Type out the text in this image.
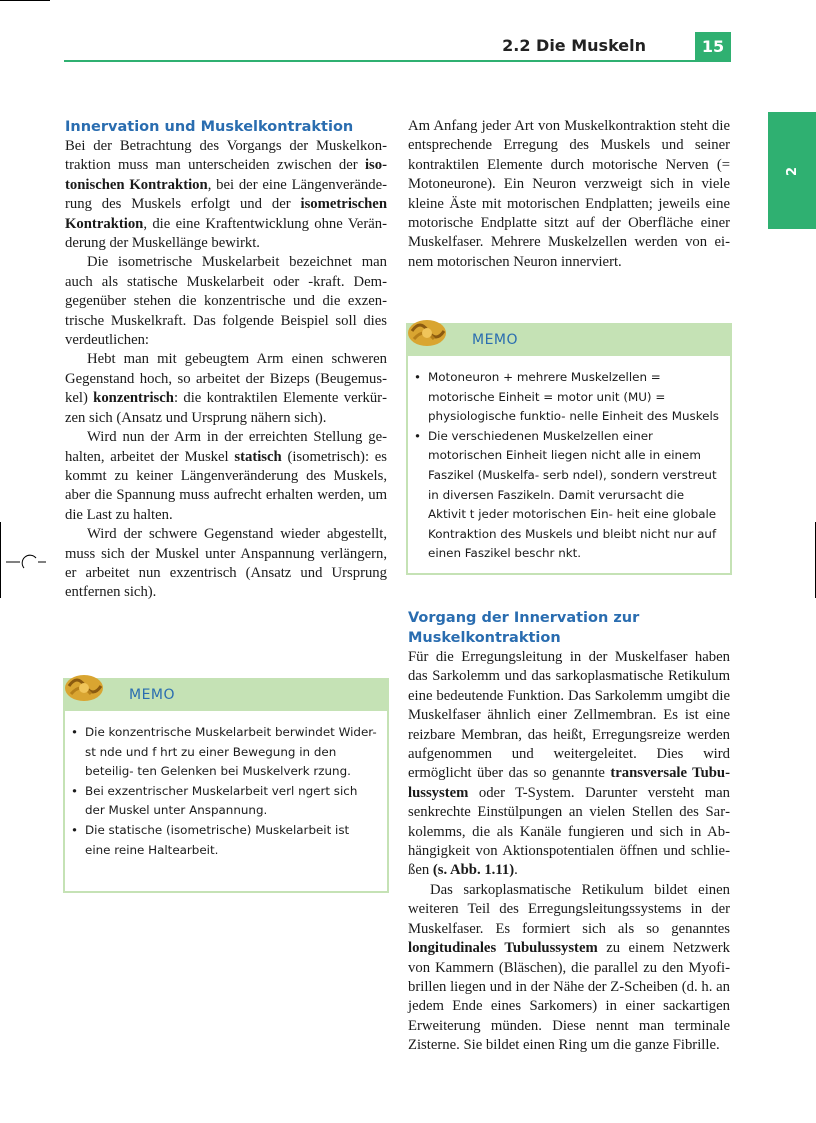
2.2 Die Muskeln	15
2
Innervation und Muskelkontraktion

Bei der Betrachtung des Vorgangs der Muskelkontraktion muss man unterscheiden zwischen der isotonischen Kontraktion, bei der eine Längenveränderung des Muskels erfolgt und der isometrischen Kontraktion, die eine Kraftentwicklung ohne Veränderung der Muskellänge bewirkt.

Die isometrische Muskelarbeit bezeichnet man auch als statische Muskelarbeit oder -kraft. Demgegenüber stehen die konzentrische und die exzentrische Muskelkraft. Das folgende Beispiel soll dies verdeutlichen:

Hebt man mit gebeugtem Arm einen schweren Gegenstand hoch, so arbeitet der Bizeps (Beugemuskel) konzentrisch: die kontraktilen Elemente verkürzen sich (Ansatz und Ursprung nähern sich).

Wird nun der Arm in der erreichten Stellung gehalten, arbeitet der Muskel statisch (isometrisch): es kommt zu keiner Längenveränderung des Muskels, aber die Spannung muss aufrecht erhalten werden, um die Last zu halten.

Wird der schwere Gegenstand wieder abgestellt, muss sich der Muskel unter Anspannung verlängern, er arbeitet nun exzentrisch (Ansatz und Ursprung entfernen sich).

MEMO
• Die konzentrische Muskelarbeit berwindet Wider- st nde und f hrt zu einer Bewegung in den beteilig- ten Gelenken bei Muskelverk rzung.
• Bei exzentrischer Muskelarbeit verl ngert sich der Muskel unter Anspannung.
• Die statische (isometrische) Muskelarbeit ist eine reine Haltearbeit.

Am Anfang jeder Art von Muskelkontraktion steht die entsprechende Erregung des Muskels und seiner kontraktilen Elemente durch motorische Nerven (= Motoneurone). Ein Neuron verzweigt sich in viele kleine Äste mit motorischen Endplatten; jeweils eine motorische Endplatte sitzt auf der Oberfläche einer Muskelfaser. Mehrere Muskelzellen werden von einem motorischen Neuron innerviert.

MEMO
• Motoneuron + mehrere Muskelzellen = motorische Einheit = motor unit (MU) = physiologische funktio- nelle Einheit des Muskels
• Die verschiedenen Muskelzellen einer motorischen Einheit liegen nicht alle in einem Faszikel (Muskelfa- serb ndel), sondern verstreut in diversen Faszikeln. Damit verursacht die Aktivit t jeder motorischen Ein- heit eine globale Kontraktion des Muskels und bleibt nicht nur auf einen Faszikel beschr nkt.
Vorgang der Innervation zur Muskelkontraktion

Für die Erregungsleitung in der Muskelfaser haben das Sarkolemm und das sarkoplasmatische Retikulum eine bedeutende Funktion. Das Sarkolemm umgibt die Muskelfaser ähnlich einer Zellmembran. Es ist eine reizbare Membran, das heißt, Erregungsreize werden aufgenommen und weitergeleitet. Dies wird ermöglicht über das so genannte transversale Tubulussystem oder T-System. Darunter versteht man senkrechte Einstülpungen an vielen Stellen des Sarkolemms, die als Kanäle fungieren und sich in Abhängigkeit von Aktionspotentialen öffnen und schließen (s. Abb. 1.11).

Das sarkoplasmatische Retikulum bildet einen weiteren Teil des Erregungsleitungssystems in der Muskelfaser. Es formiert sich als so genanntes longitudinales Tubulussystem zu einem Netzwerk von Kammern (Bläschen), die parallel zu den Myofibrillen liegen und in der Nähe der Z-Scheiben (d. h. an jedem Ende eines Sarkomers) in einer sackartigen Erweiterung münden. Diese nennt man terminale Zisterne. Sie bildet einen Ring um die ganze Fibrille.
